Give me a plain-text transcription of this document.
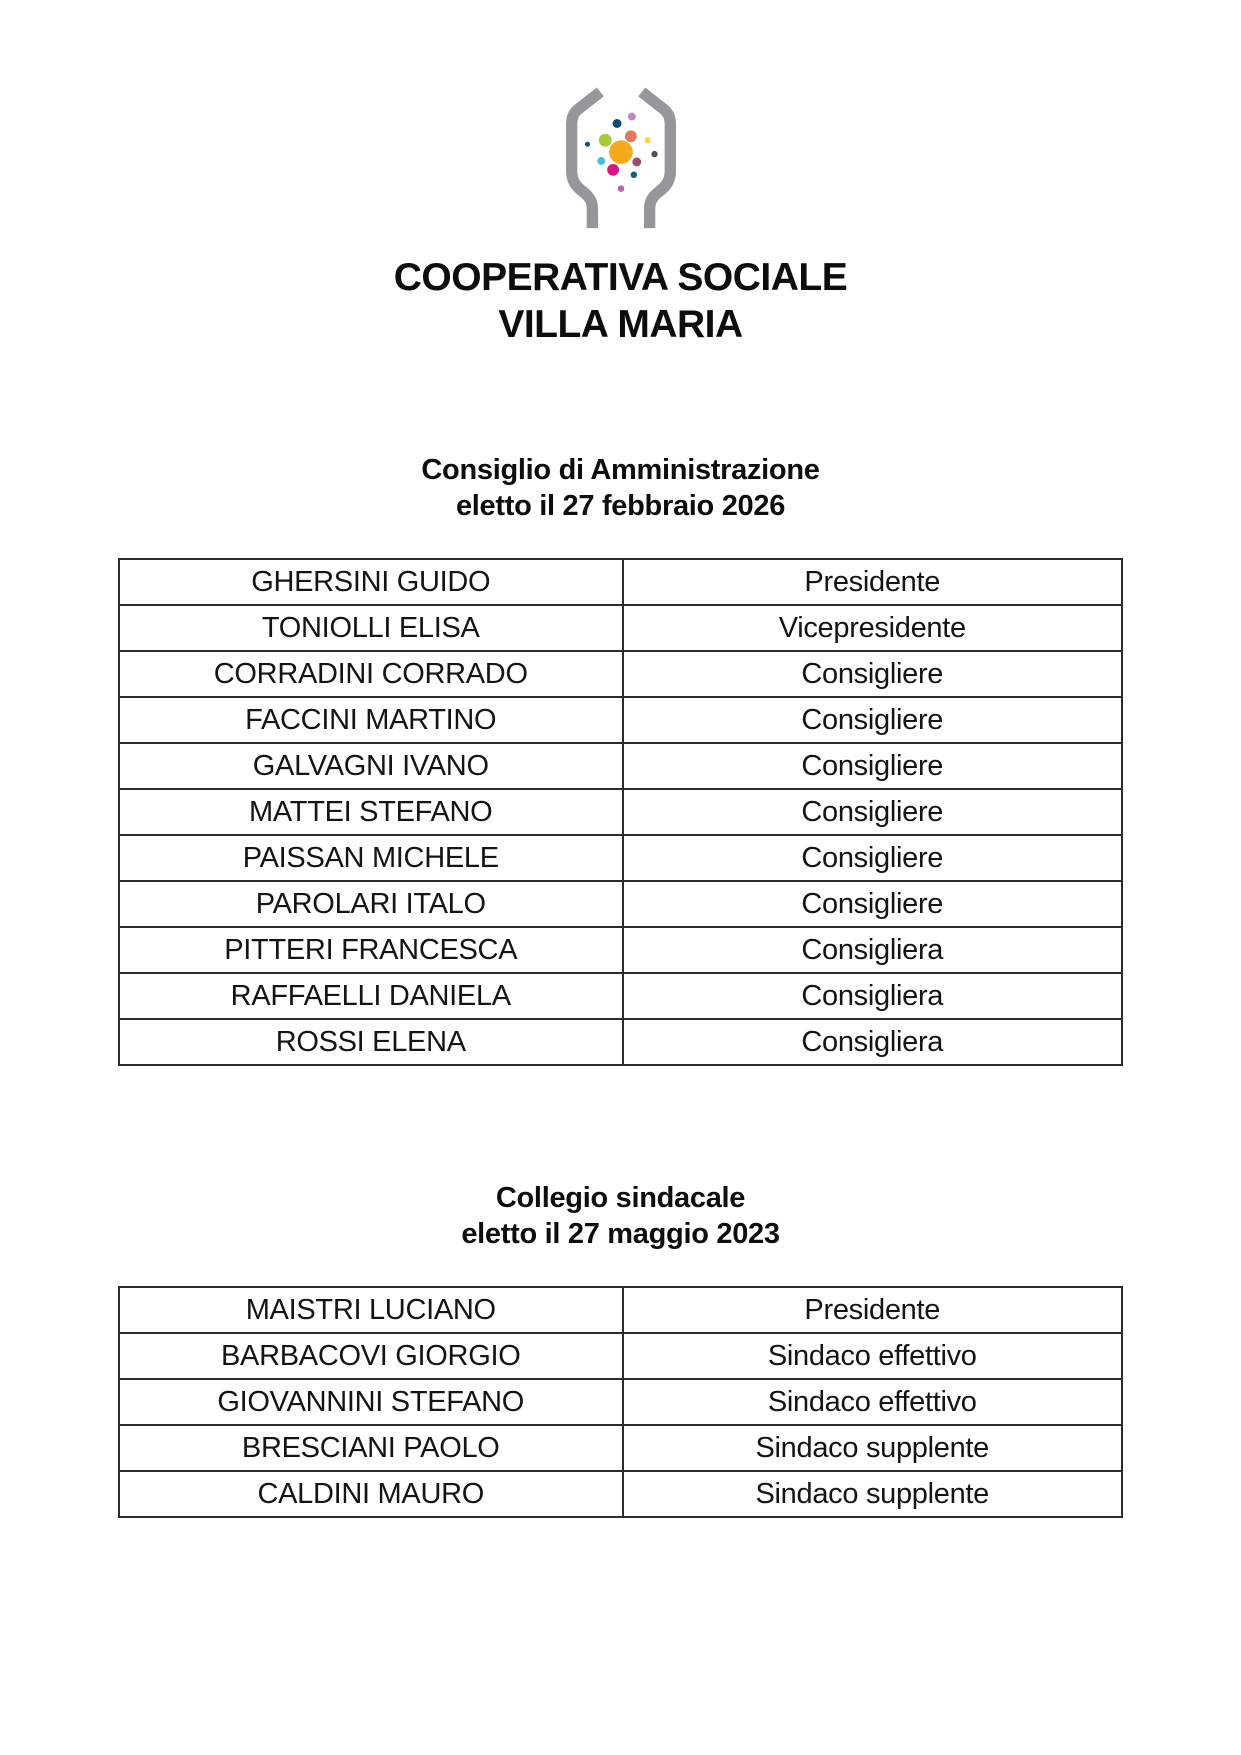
COOPERATIVA SOCIALE
VILLA MARIA
Consiglio di Amministrazione
eletto il 27 febbraio 2026
GHERSINI GUIDO	Presidente
TONIOLLI ELISA	Vicepresidente
CORRADINI CORRADO	Consigliere
FACCINI MARTINO	Consigliere
GALVAGNI IVANO	Consigliere
MATTEI STEFANO	Consigliere
PAISSAN MICHELE	Consigliere
PAROLARI ITALO	Consigliere
PITTERI FRANCESCA	Consigliera
RAFFAELLI DANIELA	Consigliera
ROSSI ELENA	Consigliera
Collegio sindacale
eletto il 27 maggio 2023
MAISTRI LUCIANO	Presidente
BARBACOVI GIORGIO	Sindaco effettivo
GIOVANNINI STEFANO	Sindaco effettivo
BRESCIANI PAOLO	Sindaco supplente
CALDINI MAURO	Sindaco supplente
